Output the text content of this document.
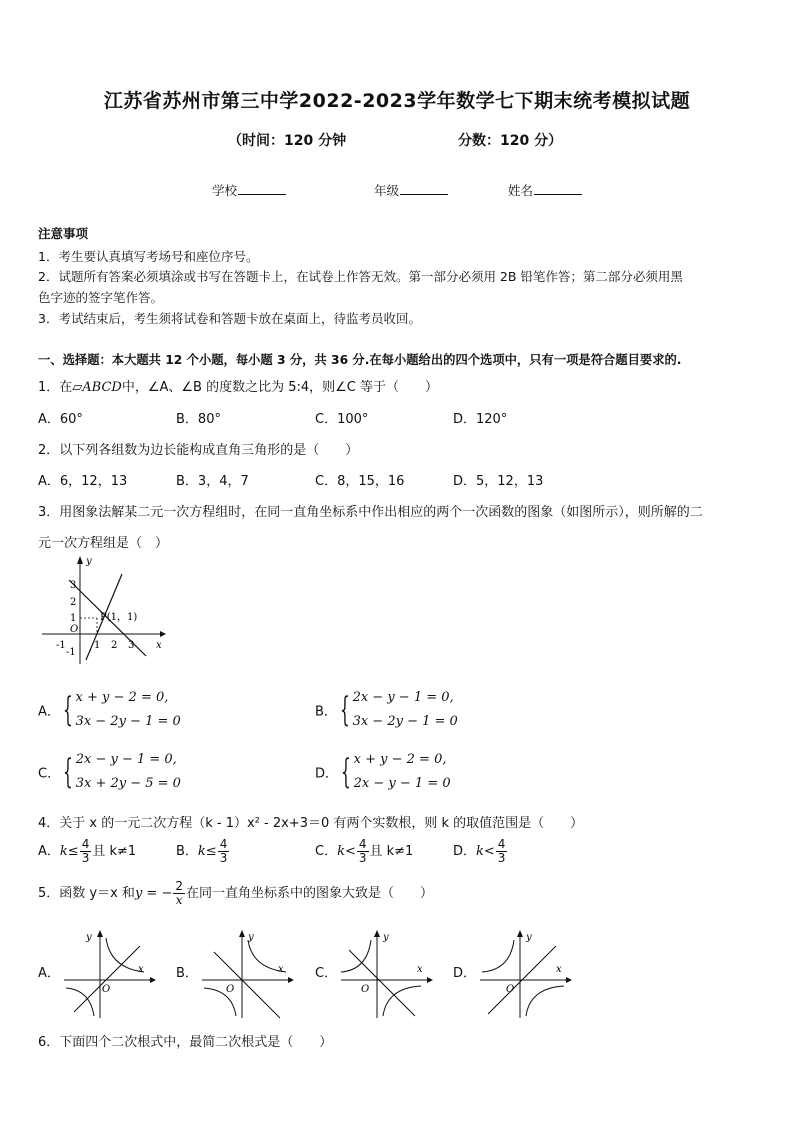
江苏省苏州市第三中学2022-2023学年数学七下期末统考模拟试题
（时间：120 分钟	分数：120 分）
学校	年级	姓名
注意事项
1．考生要认真填写考场号和座位序号。
2．试题所有答案必须填涂或书写在答题卡上，在试卷上作答无效。第一部分必须用 2B 铅笔作答；第二部分必须用黑
色字迹的签字笔作答。
3．考试结束后，考生须将试卷和答题卡放在桌面上，待监考员收回。
一、选择题：本大题共 12 个小题，每小题 3 分，共 36 分.在每小题给出的四个选项中，只有一项是符合题目要求的.
1．在▱ABCD中，∠A、∠B 的度数之比为 5:4，则∠C 等于（　　）
A．60°	B．80°	C．100°	D．120°
2．以下列各组数为边长能构成直角三角形的是（　　）
A．6，12，13	B．3，4，7	C．8，15，16	D．5，12，13
3．用图象法解某二元一次方程组时，在同一直角坐标系中作出相应的两个一次函数的图象（如图所示），则所解的二
元一次方程组是（　）
y
x
O
P(1，1)
3
2
1
-1
-1	1 2 3
A．{ x + y − 2 = 0,
3x − 2y − 1 = 0
B．{ 2x − y − 1 = 0,
3x − 2y − 1 = 0
C．{ 2x − y − 1 = 0,
3x + 2y − 5 = 0
D．{ x + y − 2 = 0,
2x − y − 1 = 0
4．关于 x 的一元二次方程（k - 1）x² - 2x+3＝0 有两个实数根，则 k 的取值范围是（　　）
A．$k\le \frac{4}{3}$ 且 k≠1	B．$k\le \frac{4}{3}$	C．$k< \frac{4}{3}$ 且 k≠1	D．$k< \frac{4}{3}$
5．函数 y＝x 和y = − $\frac{2}{x}$ 在同一直角坐标系中的图象大致是（　　）
A．
y
x
O
B．
y
x
O
C．
y
x
O
D．
y
x
O
6．下面四个二次根式中，最简二次根式是（　　）
